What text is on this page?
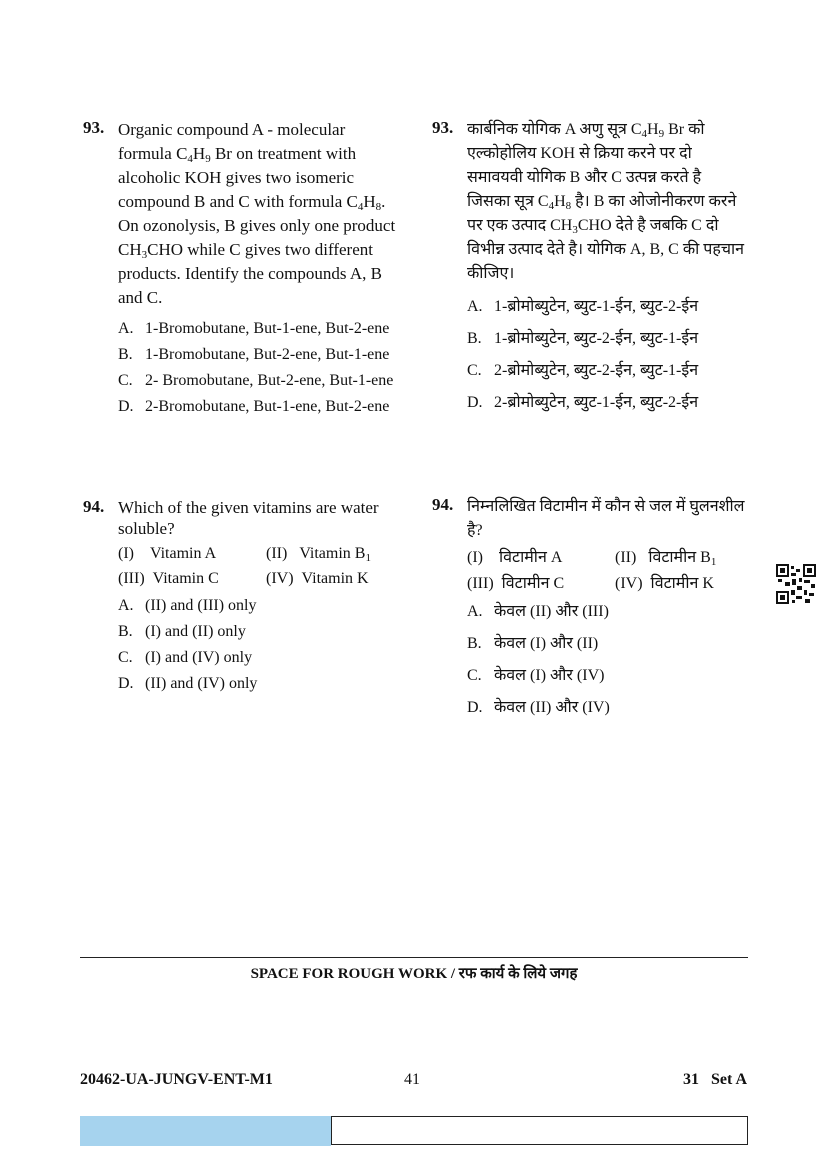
93. Organic compound A - molecular formula $C_4H_9$ Br on treatment with alcoholic KOH gives two isomeric compound B and C with formula $C_4H_8$. On ozonolysis, B gives only one product $CH_3CHO$ while C gives two different products. Identify the compounds A, B and C.
A. 1-Bromobutane, But-1-ene, But-2-ene
B. 1-Bromobutane, But-2-ene, But-1-ene
C. 2- Bromobutane, But-2-ene, But-1-ene
D. 2-Bromobutane, But-1-ene, But-2-ene
94. Which of the given vitamins are water soluble?
(I) Vitamin A	(II) Vitamin $B_1$
(III) Vitamin C	(IV) Vitamin K
A. (II) and (III) only
B. (I) and (II) only
C. (I) and (IV) only
D. (II) and (IV) only
93. कार्बनिक योगिक A अणु सूत्र $C_4H_9$ Br को एल्कोहोलिय KOH से क्रिया करने पर दो समावयवी योगिक B और C उत्पन्न करते है जिसका सूत्र $C_4H_8$ है। B का ओजोनीकरण करने पर एक उत्पाद $CH_3CHO$ देते है जबकि C दो विभीन्न उत्पाद देते है। योगिक A, B, C की पहचान कीजिए।
A. 1-ब्रोमोब्युटेन, ब्युट-1-ईन, ब्युट-2-ईन
B. 1-ब्रोमोब्युटेन, ब्युट-2-ईन, ब्युट-1-ईन
C. 2-ब्रोमोब्युटेन, ब्युट-2-ईन, ब्युट-1-ईन
D. 2-ब्रोमोब्युटेन, ब्युट-1-ईन, ब्युट-2-ईन
94. निम्नलिखित विटामीन में कौन से जल में घुलनशील है?
(I) विटामीन A	(II) विटामीन $B_1$
(III) विटामीन C	(IV) विटामीन K
A. केवल (II) और (III)
B. केवल (I) और (II)
C. केवल (I) और (IV)
D. केवल (II) और (IV)
SPACE FOR ROUGH WORK / रफ कार्य के लिये जगह
20462-UA-JUNGV-ENT-M1	41	31   Set A
